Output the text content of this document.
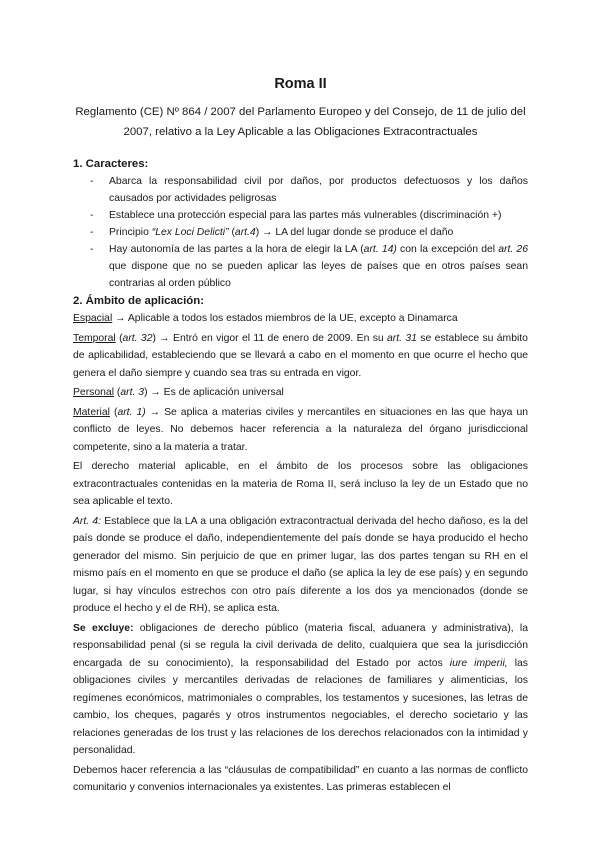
Roma II
Reglamento (CE) Nº 864 / 2007 del Parlamento Europeo y del Consejo, de 11 de julio del 2007, relativo a la Ley Aplicable a las Obligaciones Extracontractuales
1. Caracteres:
- Abarca la responsabilidad civil por daños, por productos defectuosos y los daños causados por actividades peligrosas
- Establece una protección especial para las partes más vulnerables (discriminación +)
- Principio “Lex Loci Delicti” (art.4) → LA del lugar donde se produce el daño
- Hay autonomía de las partes a la hora de elegir la LA (art. 14) con la excepción del art. 26 que dispone que no se pueden aplicar las leyes de países que en otros países sean contrarias al orden público
2. Ámbito de aplicación:

Espacial → Aplicable a todos los estados miembros de la UE, excepto a Dinamarca

Temporal (art. 32) → Entró en vigor el 11 de enero de 2009. En su art. 31 se establece su ámbito de aplicabilidad, estableciendo que se llevará a cabo en el momento en que ocurre el hecho que genera el daño siempre y cuando sea tras su entrada en vigor.

Personal (art. 3) → Es de aplicación universal

Material (art. 1) → Se aplica a materias civiles y mercantiles en situaciones en las que haya un conflicto de leyes. No debemos hacer referencia a la naturaleza del órgano jurisdiccional competente, sino a la materia a tratar.

El derecho material aplicable, en el ámbito de los procesos sobre las obligaciones extracontractuales contenidas en la materia de Roma II, será incluso la ley de un Estado que no sea aplicable el texto.

Art. 4: Establece que la LA a una obligación extracontractual derivada del hecho dañoso, es la del país donde se produce el daño, independientemente del país donde se haya producido el hecho generador del mismo. Sin perjuicio de que en primer lugar, las dos partes tengan su RH en el mismo país en el momento en que se produce el daño (se aplica la ley de ese país) y en segundo lugar, si hay vínculos estrechos con otro país diferente a los dos ya mencionados (donde se produce el hecho y el de RH), se aplica esta.

Se excluye: obligaciones de derecho público (materia fiscal, aduanera y administrativa), la responsabilidad penal (si se regula la civil derivada de delito, cualquiera que sea la jurisdicción encargada de su conocimiento), la responsabilidad del Estado por actos iure imperii, las obligaciones civiles y mercantiles derivadas de relaciones de familiares y alimenticias, los regímenes económicos, matrimoniales o comprables, los testamentos y sucesiones, las letras de cambio, los cheques, pagarés y otros instrumentos negociables, el derecho societario y las relaciones generadas de los trust y las relaciones de los derechos relacionados con la intimidad y personalidad.

Debemos hacer referencia a las “cláusulas de compatibilidad” en cuanto a las normas de conflicto comunitario y convenios internacionales ya existentes. Las primeras establecen el
